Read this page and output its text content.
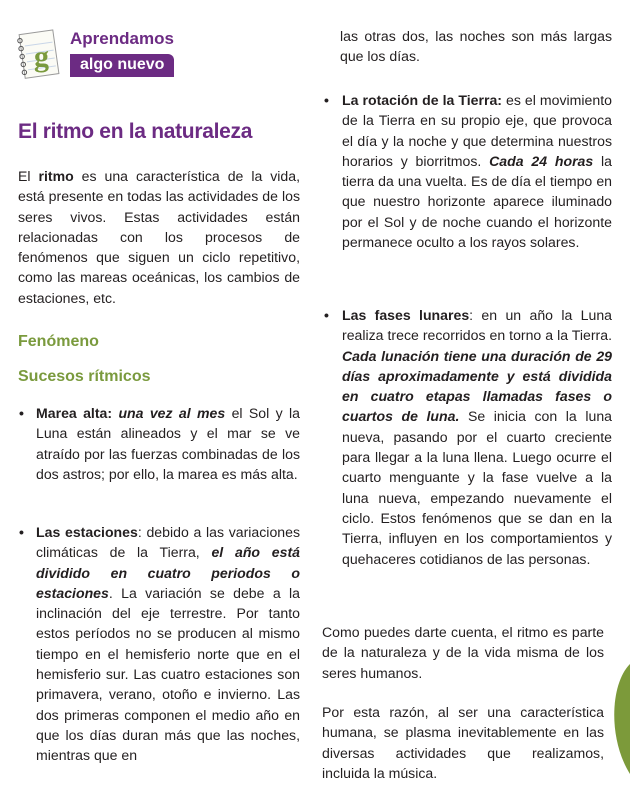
g
Aprendamos
algo nuevo
El ritmo en la naturaleza

El ritmo es una característica de la vida, está presente en todas las actividades de los seres vivos. Estas actividades están relacionadas con los procesos de fenómenos que siguen un ciclo repetitivo, como las mareas oceánicas, los cambios de estaciones, etc.

Fenómeno
Sucesos rítmicos

• Marea alta: una vez al mes el Sol y la Luna están alineados y el mar se ve atraído por las fuerzas combinadas de los dos astros; por ello, la marea es más alta.

• Las estaciones: debido a las variaciones climáticas de la Tierra, el año está dividido en cuatro periodos o estaciones. La variación se debe a la inclinación del eje terrestre. Por tanto estos períodos no se producen al mismo tiempo en el hemisferio norte que en el hemisferio sur. Las cuatro estaciones son primavera, verano, otoño e invierno. Las dos primeras componen el medio año en que los días duran más que las noches, mientras que en

las otras dos, las noches son más largas que los días.

• La rotación de la Tierra: es el movimiento de la Tierra en su propio eje, que provoca el día y la noche y que determina nuestros horarios y biorritmos. Cada 24 horas la tierra da una vuelta. Es de día el tiempo en que nuestro horizonte aparece iluminado por el Sol y de noche cuando el horizonte permanece oculto a los rayos solares.

• Las fases lunares: en un año la Luna realiza trece recorridos en torno a la Tierra. Cada lunación tiene una duración de 29 días aproximadamente y está dividida en cuatro etapas llamadas fases o cuartos de luna. Se inicia con la luna nueva, pasando por el cuarto creciente para llegar a la luna llena. Luego ocurre el cuarto menguante y la fase vuelve a la luna nueva, empezando nuevamente el ciclo. Estos fenómenos que se dan en la Tierra, influyen en los comportamientos y quehaceres cotidianos de las personas.

Como puedes darte cuenta, el ritmo es parte de la naturaleza y de la vida misma de los seres humanos.

Por esta razón, al ser una característica humana, se plasma inevitablemente en las diversas actividades que realizamos, incluida la música.
